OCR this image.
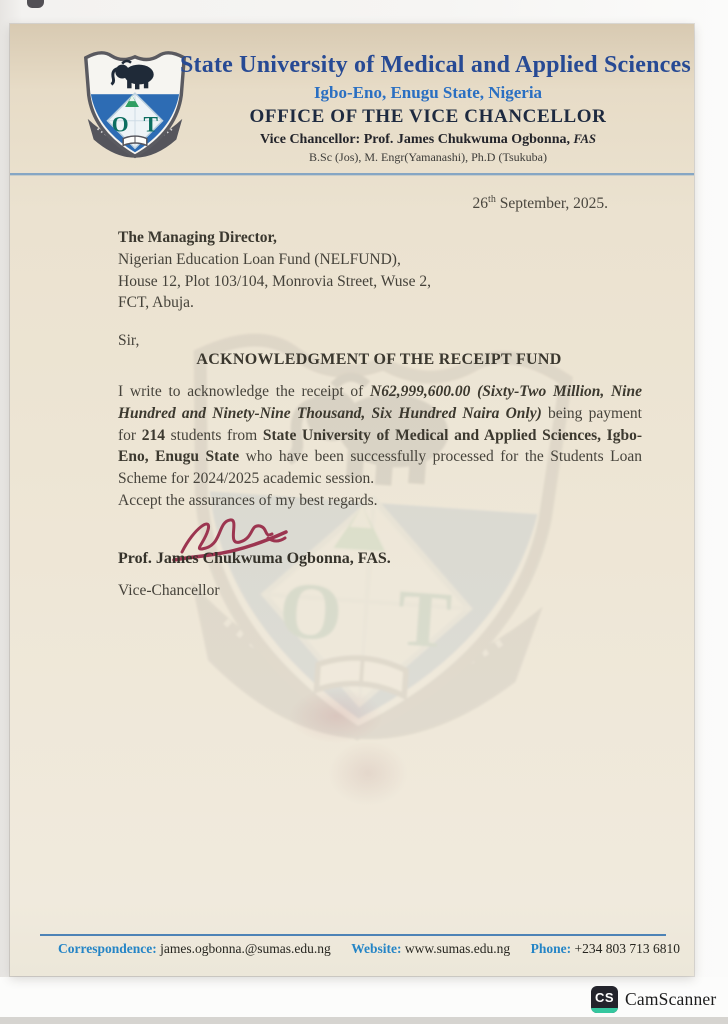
State University of Medical and Applied Sciences
Igbo-Eno, Enugu State, Nigeria
OFFICE OF THE VICE CHANCELLOR
Vice Chancellor: Prof. James Chukwuma Ogbonna, FAS
B.Sc (Jos), M. Engr(Yamanashi), Ph.D (Tsukuba)
26th September, 2025.
The Managing Director,
Nigerian Education Loan Fund (NELFUND),
House 12, Plot 103/104, Monrovia Street, Wuse 2,
FCT, Abuja.
Sir,
ACKNOWLEDGMENT OF THE RECEIPT FUND

I write to acknowledge the receipt of N62,999,600.00 (Sixty-Two Million, Nine Hundred and Ninety-Nine Thousand, Six Hundred Naira Only) being payment for 214 students from State University of Medical and Applied Sciences, Igbo-Eno, Enugu State who have been successfully processed for the Students Loan Scheme for 2024/2025 academic session.

Accept the assurances of my best regards.
Prof. James Chukwuma Ogbonna, FAS.
Vice-Chancellor
Correspondence: james.ogbonna.@sumas.edu.ng Website: www.sumas.edu.ng Phone: +234 803 713 6810
CS CamScanner
